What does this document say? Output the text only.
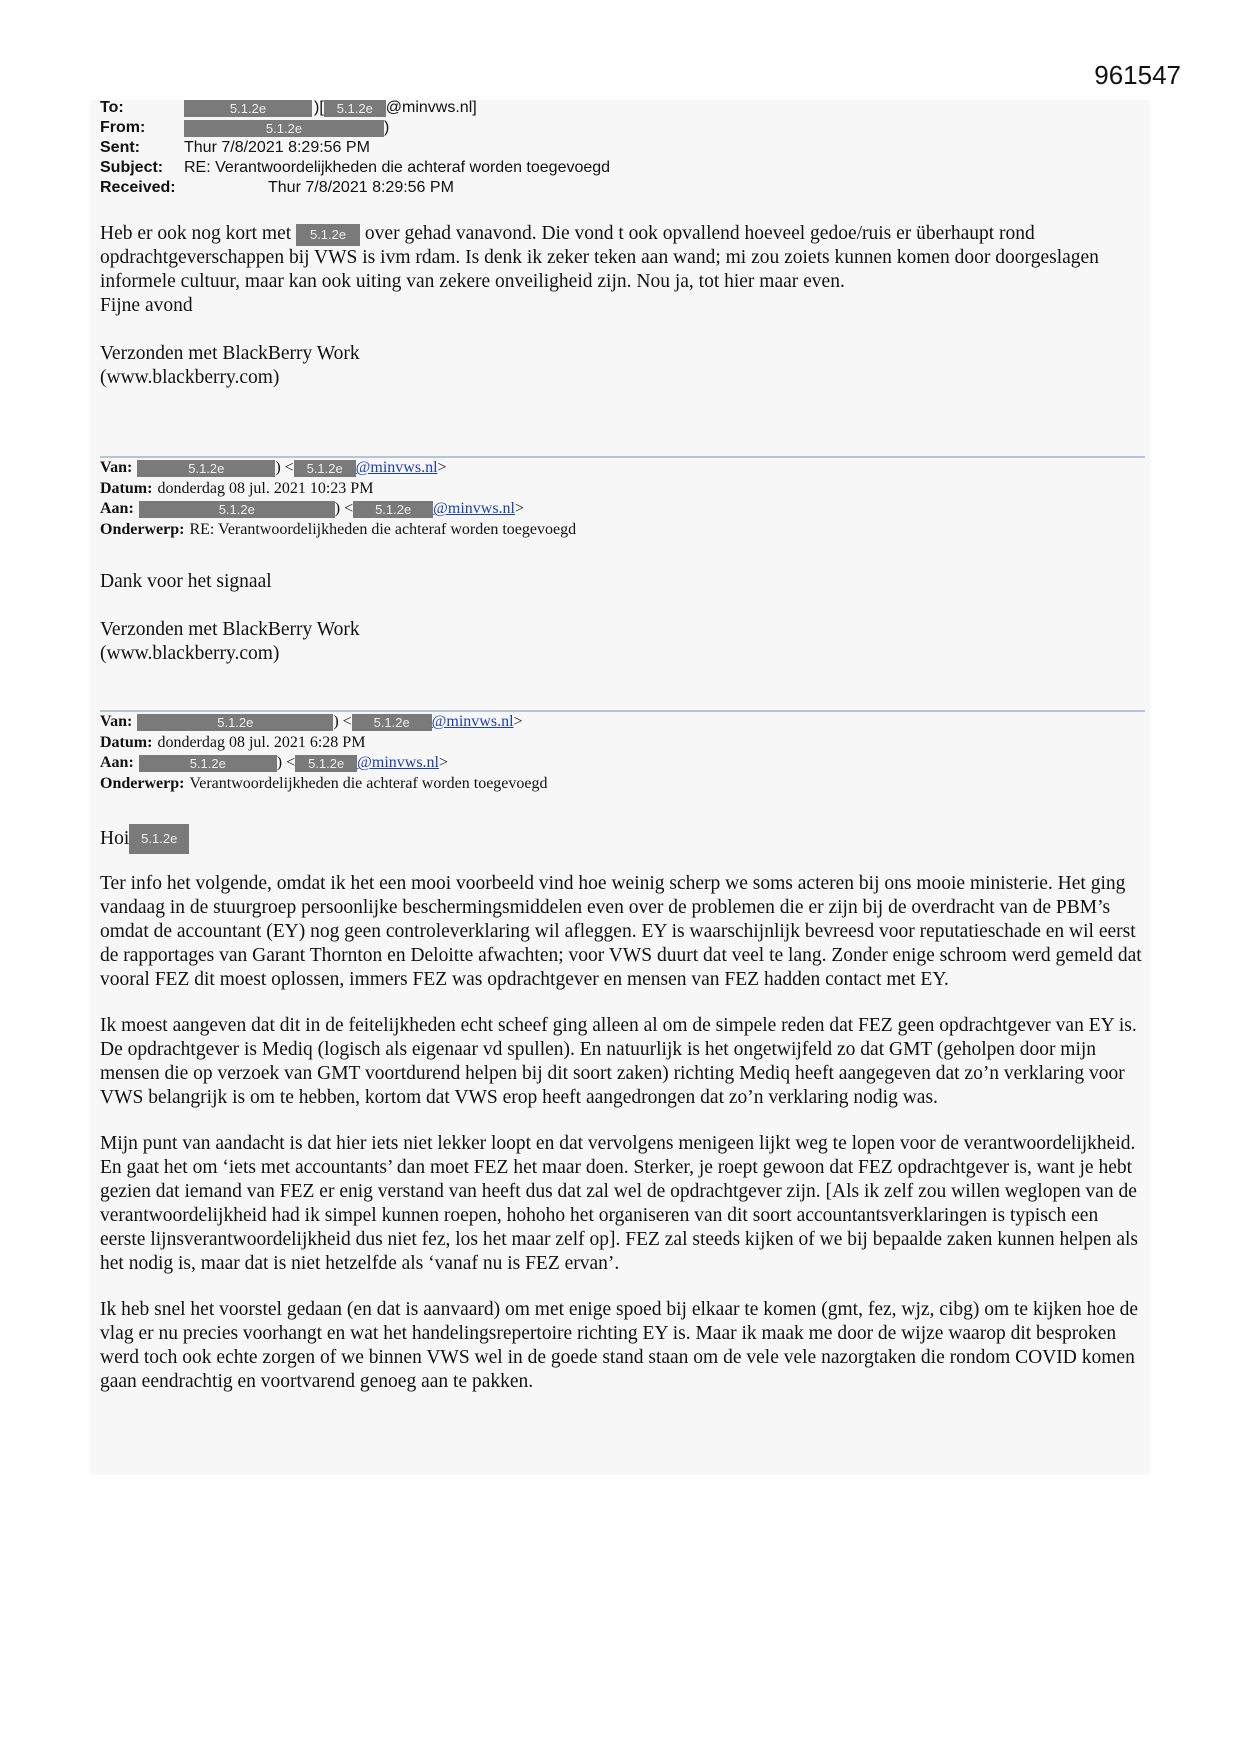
961547
To:	5.1.2e	)[ 5.1.2e @minvws.nl]
From:	5.1.2e	)
Sent:	Thur 7/8/2021 8:29:56 PM
Subject:	RE: Verantwoordelijkheden die achteraf worden toegevoegd
Received:	Thur 7/8/2021 8:29:56 PM

Heb er ook nog kort met 5.1.2e over gehad vanavond. Die vond t ook opvallend hoeveel gedoe/ruis er überhaupt rond opdrachtgeverschappen bij VWS is ivm rdam. Is denk ik zeker teken aan wand; mi zou zoiets kunnen komen door doorgeslagen informele cultuur, maar kan ook uiting van zekere onveiligheid zijn. Nou ja, tot hier maar even.

Fijne avond

Verzonden met BlackBerry Work

(www.blackberry.com)

Van:	5.1.2e	) < 5.1.2e @minvws.nl >
Datum: donderdag 08 jul. 2021 10:23 PM
Aan:	5.1.2e	) <	5.1.2e	@minvws.nl >
Onderwerp: RE: Verantwoordelijkheden die achteraf worden toegevoegd

Dank voor het signaal

Verzonden met BlackBerry Work

(www.blackberry.com)

Van:	5.1.2e	) <	5.1.2e	@minvws.nl >
Datum: donderdag 08 jul. 2021 6:28 PM
Aan:	5.1.2e	) < 5.1.2e @minvws.nl >
Onderwerp: Verantwoordelijkheden die achteraf worden toegevoegd

Hoi 5.1.2e

Ter info het volgende, omdat ik het een mooi voorbeeld vind hoe weinig scherp we soms acteren bij ons mooie ministerie. Het ging vandaag in de stuurgroep persoonlijke beschermingsmiddelen even over de problemen die er zijn bij de overdracht van de PBM’s omdat de accountant (EY) nog geen controleverklaring wil afleggen. EY is waarschijnlijk bevreesd voor reputatieschade en wil eerst de rapportages van Garant Thornton en Deloitte afwachten; voor VWS duurt dat veel te lang. Zonder enige schroom werd gemeld dat vooral FEZ dit moest oplossen, immers FEZ was opdrachtgever en mensen van FEZ hadden contact met EY.

Ik moest aangeven dat dit in de feitelijkheden echt scheef ging alleen al om de simpele reden dat FEZ geen opdrachtgever van EY is. De opdrachtgever is Mediq (logisch als eigenaar vd spullen). En natuurlijk is het ongetwijfeld zo dat GMT (geholpen door mijn mensen die op verzoek van GMT voortdurend helpen bij dit soort zaken) richting Mediq heeft aangegeven dat zo’n verklaring voor VWS belangrijk is om te hebben, kortom dat VWS erop heeft aangedrongen dat zo’n verklaring nodig was.

Mijn punt van aandacht is dat hier iets niet lekker loopt en dat vervolgens menigeen lijkt weg te lopen voor de verantwoordelijkheid. En gaat het om ‘iets met accountants’ dan moet FEZ het maar doen. Sterker, je roept gewoon dat FEZ opdrachtgever is, want je hebt gezien dat iemand van FEZ er enig verstand van heeft dus dat zal wel de opdrachtgever zijn. [Als ik zelf zou willen weglopen van de verantwoordelijkheid had ik simpel kunnen roepen, hohoho het organiseren van dit soort accountantsverklaringen is typisch een eerste lijnsverantwoordelijkheid dus niet fez, los het maar zelf op]. FEZ zal steeds kijken of we bij bepaalde zaken kunnen helpen als het nodig is, maar dat is niet hetzelfde als ‘vanaf nu is FEZ ervan’.

Ik heb snel het voorstel gedaan (en dat is aanvaard) om met enige spoed bij elkaar te komen (gmt, fez, wjz, cibg) om te kijken hoe de vlag er nu precies voorhangt en wat het handelingsrepertoire richting EY is. Maar ik maak me door de wijze waarop dit besproken werd toch ook echte zorgen of we binnen VWS wel in de goede stand staan om de vele vele nazorgtaken die rondom COVID komen gaan eendrachtig en voortvarend genoeg aan te pakken.
